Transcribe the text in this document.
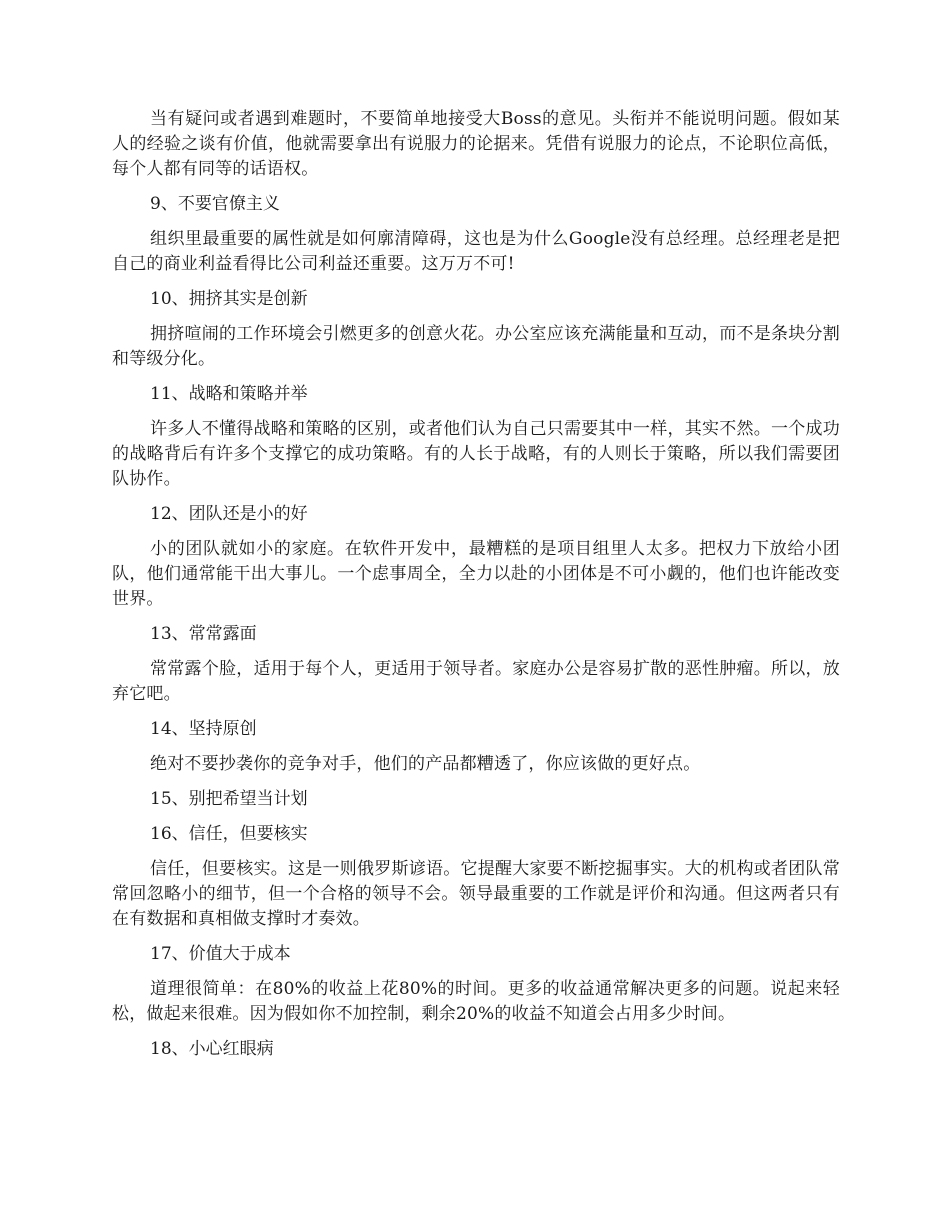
当有疑问或者遇到难题时，不要简单地接受大Boss的意见。头衔并不能说明问题。假如某人的经验之谈有价值，他就需要拿出有说服力的论据来。凭借有说服力的论点，不论职位高低，每个人都有同等的话语权。

9、不要官僚主义

组织里最重要的属性就是如何廓清障碍，这也是为什么Google没有总经理。总经理老是把自己的商业利益看得比公司利益还重要。这万万不可!

10、拥挤其实是创新

拥挤喧闹的工作环境会引燃更多的创意火花。办公室应该充满能量和互动，而不是条块分割和等级分化。

11、战略和策略并举

许多人不懂得战略和策略的区别，或者他们认为自己只需要其中一样，其实不然。一个成功的战略背后有许多个支撑它的成功策略。有的人长于战略，有的人则长于策略，所以我们需要团队协作。

12、团队还是小的好

小的团队就如小的家庭。在软件开发中，最糟糕的是项目组里人太多。把权力下放给小团队，他们通常能干出大事儿。一个虑事周全，全力以赴的小团体是不可小觑的，他们也许能改变世界。

13、常常露面

常常露个脸，适用于每个人，更适用于领导者。家庭办公是容易扩散的恶性肿瘤。所以，放弃它吧。

14、坚持原创

绝对不要抄袭你的竞争对手，他们的产品都糟透了，你应该做的更好点。

15、别把希望当计划

16、信任，但要核实

信任，但要核实。这是一则俄罗斯谚语。它提醒大家要不断挖掘事实。大的机构或者团队常常回忽略小的细节，但一个合格的领导不会。领导最重要的工作就是评价和沟通。但这两者只有在有数据和真相做支撑时才奏效。

17、价值大于成本

道理很简单：在80%的收益上花80%的时间。更多的收益通常解决更多的问题。说起来轻松，做起来很难。因为假如你不加控制，剩余20%的收益不知道会占用多少时间。

18、小心红眼病
